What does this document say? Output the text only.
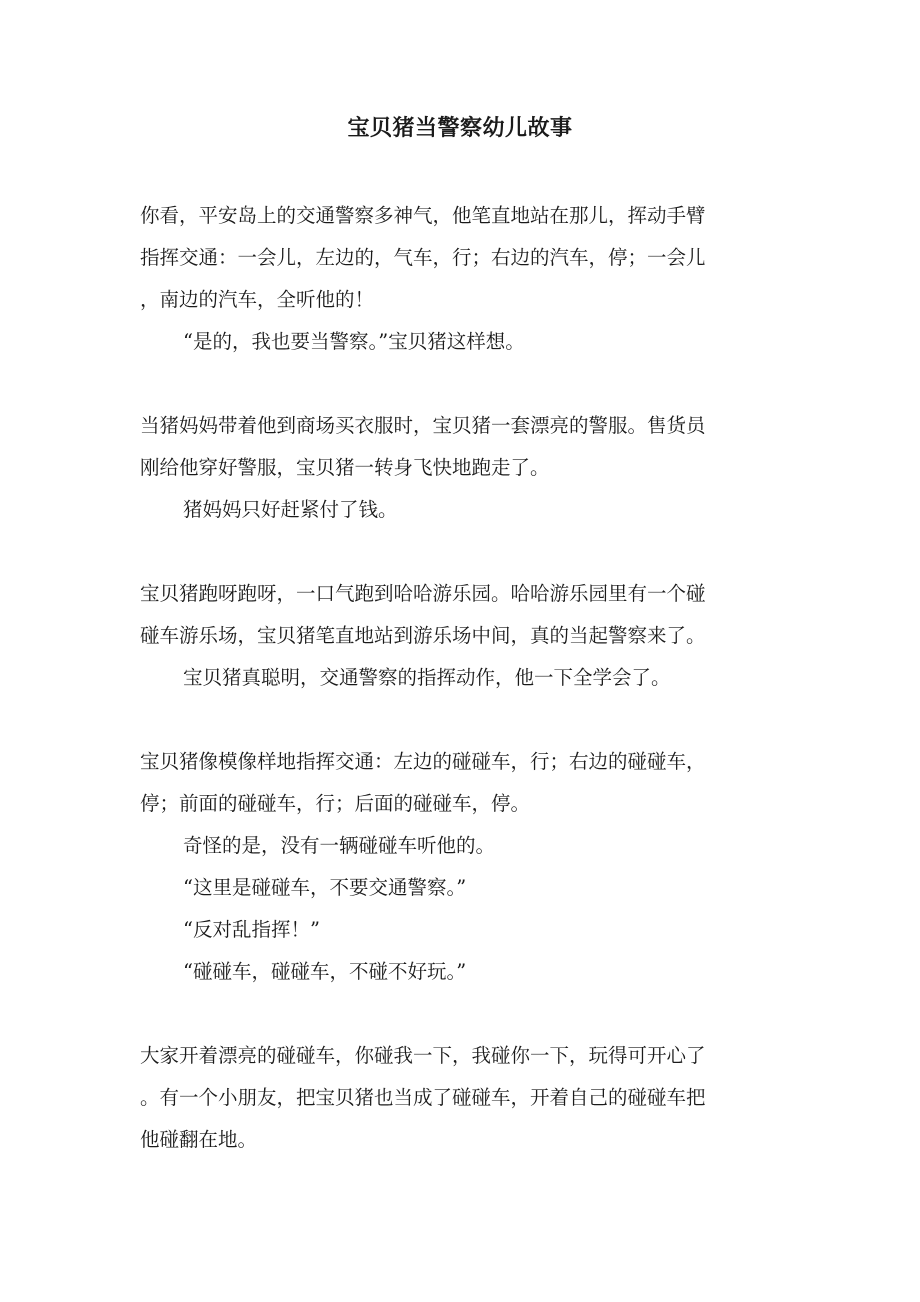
宝贝猪当警察幼儿故事
你看，平安岛上的交通警察多神气，他笔直地站在那儿，挥动手臂
指挥交通：一会儿，左边的，气车，行；右边的汽车，停；一会儿
，南边的汽车，全听他的！
“是的，我也要当警察。”宝贝猪这样想。
当猪妈妈带着他到商场买衣服时，宝贝猪一套漂亮的警服。售货员
刚给他穿好警服，宝贝猪一转身飞快地跑走了。
猪妈妈只好赶紧付了钱。
宝贝猪跑呀跑呀，一口气跑到哈哈游乐园。哈哈游乐园里有一个碰
碰车游乐场，宝贝猪笔直地站到游乐场中间，真的当起警察来了。
宝贝猪真聪明，交通警察的指挥动作，他一下全学会了。
宝贝猪像模像样地指挥交通：左边的碰碰车，行；右边的碰碰车，
停；前面的碰碰车，行；后面的碰碰车，停。
奇怪的是，没有一辆碰碰车听他的。
“这里是碰碰车，不要交通警察。”
“反对乱指挥！”
“碰碰车，碰碰车，不碰不好玩。”
大家开着漂亮的碰碰车，你碰我一下，我碰你一下，玩得可开心了
。有一个小朋友，把宝贝猪也当成了碰碰车，开着自己的碰碰车把
他碰翻在地。
